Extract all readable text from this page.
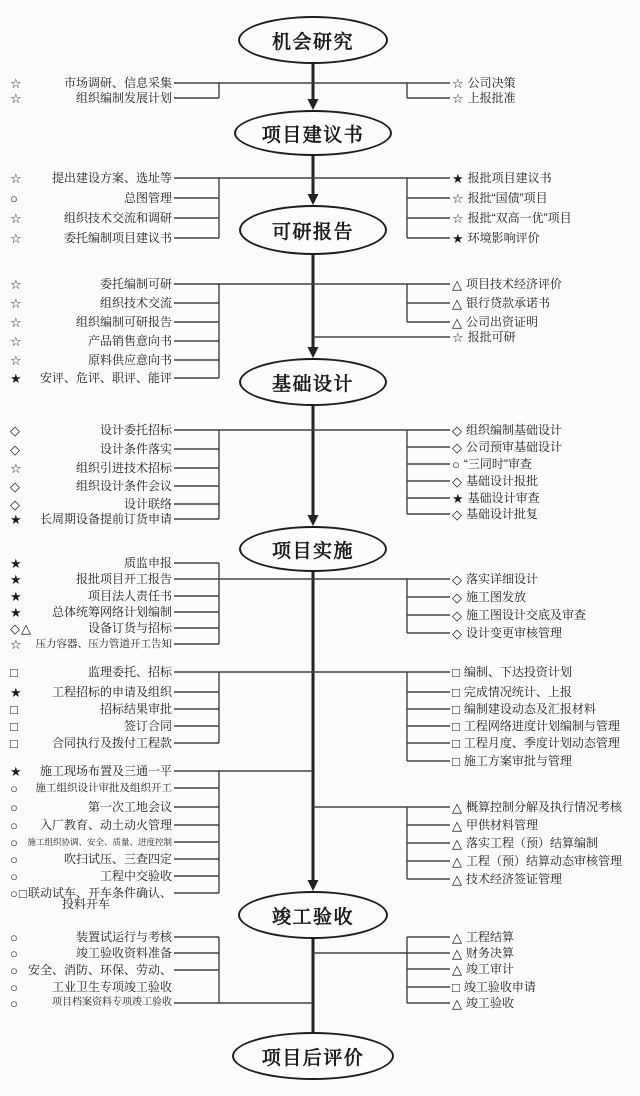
机会研究
项目建议书
可研报告
基础设计
项目实施
竣工验收
项目后评价
☆	市场调研、信息采集
☆	组织编制发展计划
☆ 公司决策
☆ 上报批准
☆	提出建设方案、选址等
○	总图管理
☆	组织技术交流和调研
☆	委托编制项目建议书
★ 报批项目建议书
☆ 报批“国债”项目
☆ 报批“双高一优”项目
★ 环境影响评价
☆	委托编制可研
☆	组织技术交流
☆	组织编制可研报告
☆	产品销售意向书
☆	原料供应意向书
★	安评、危评、职评、能评
△ 项目技术经济评价
△ 银行贷款承诺书
△ 公司出资证明
☆ 报批可研
◇	设计委托招标
◇	设计条件落实
☆	组织引进技术招标
◇	组织设计条件会议
◇	设计联络
★	长周期设备提前订货申请
◇ 组织编制基础设计
◇ 公司预审基础设计
○ “三同时”审查
◇ 基础设计报批
★ 基础设计审查
◇ 基础设计批复
★	质监申报
★	报批项目开工报告
★	项目法人责任书
★	总体统筹网络计划编制
◇△	设备订货与招标
☆	压力容器、压力管道开工告知
◇ 落实详细设计
◇ 施工图发放
◇ 施工图设计交底及审查
◇ 设计变更审核管理
□	监理委托、招标
★	工程招标的申请及组织
□	招标结果审批
□	签订合同
□	合同执行及拨付工程款
□ 编制、下达投资计划
□ 完成情况统计、上报
□ 编制建设动态及汇报材料
□ 工程网络进度计划编制与管理
□ 工程月度、季度计划动态管理
□ 施工方案审批与管理
★	施工现场布置及三通一平
○	施工组织设计审批及组织开工
○	第一次工地会议
○	入厂教育、动土动火管理
○	施工组织协调、安全、质量、进度控制
○	吹扫试压、三查四定
○	工程中交验收
○□ 联动试车、开车条件确认、
投料开车
△ 概算控制分解及执行情况考核
△ 甲供材料管理
△ 落实工程（预）结算编制
△ 工程（预）结算动态审核管理
△ 技术经济签证管理
○	装置试运行与考核
○	竣工验收资料准备
○ 安全、消防、环保、劳动、
○	工业卫生专项竣工验收
○	项目档案资料专项竣工验收
△ 工程结算
△ 财务决算
△ 竣工审计
□ 竣工验收申请
△ 竣工验收
